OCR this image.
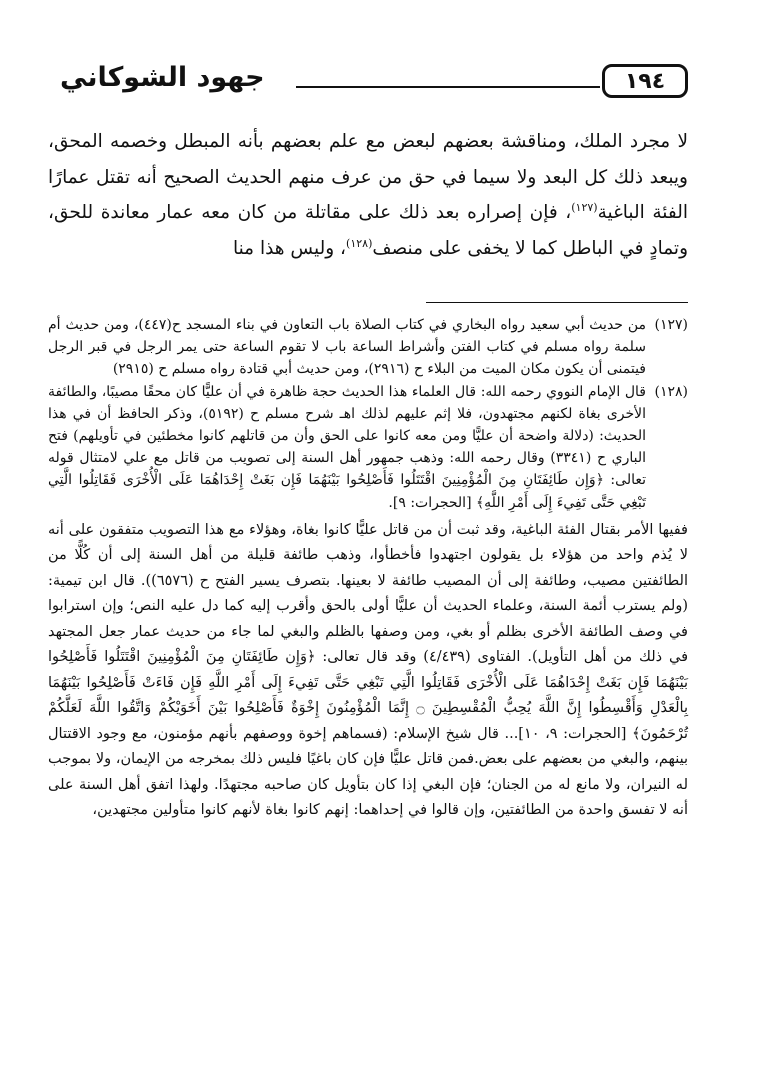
١٩٤
جهود الشوكاني

لا مجرد الملك، ومناقشة بعضهم لبعض مع علم بعضهم بأنه المبطل وخصمه المحق، ويبعد ذلك كل البعد ولا سيما في حق من عرف منهم الحديث الصحيح أنه تقتل عمارًا الفئة الباغية$^{(١٢٧)}$، فإن إصراره بعد ذلك على مقاتلة من كان معه عمار معاندة للحق، وتمادٍ في الباطل كما لا يخفى على منصف$^{(١٢٨)}$، وليس هذا منا

(١٢٧)

من حديث أبي سعيد رواه البخاري في كتاب الصلاة باب التعاون في بناء المسجد ح(٤٤٧)، ومن حديث أم سلمة رواه مسلم في كتاب الفتن وأشراط الساعة باب لا تقوم الساعة حتى يمر الرجل في قبر الرجل فيتمنى أن يكون مكان الميت من البلاء ح (٢٩١٦)، ومن حديث أبي قتادة رواه مسلم ح (٢٩١٥)

(١٢٨)

قال الإمام النووي رحمه الله: قال العلماء هذا الحديث حجة ظاهرة في أن عليًّا كان محقًا مصيبًا، والطائفة الأخرى بغاة لكنهم مجتهدون، فلا إثم عليهم لذلك اهـ شرح مسلم ح (٥١٩٢)، وذكر الحافظ أن في هذا الحديث: (دلالة واضحة أن عليًّا ومن معه كانوا على الحق وأن من قاتلهم كانوا مخطئين في تأويلهم) فتح الباري ح (٣٣٤١) وقال رحمه الله: وذهب جمهور أهل السنة إلى تصويب من قاتل مع علي لامتثال قوله تعالى: ﴿وَإِن طَائِفَتَانِ مِنَ الْمُؤْمِنِينَ اقْتَتَلُوا فَأَصْلِحُوا بَيْنَهُمَا فَإِن بَغَتْ إِحْدَاهُمَا عَلَى الْأُخْرَى فَقَاتِلُوا الَّتِي تَبْغِي حَتَّى تَفِيءَ إِلَى أَمْرِ اللَّهِ﴾ [الحجرات: ٩].

ففيها الأمر بقتال الفئة الباغية، وقد ثبت أن من قاتل عليًّا كانوا بغاة، وهؤلاء مع هذا التصويب متفقون على أنه لا يُذم واحد من هؤلاء بل يقولون اجتهدوا فأخطأوا، وذهب طائفة قليلة من أهل السنة إلى أن كُلًّا من الطائفتين مصيب، وطائفة إلى أن المصيب طائفة لا بعينها. بتصرف يسير الفتح ح (٦٥٧٦)). قال ابن تيمية: (ولم يسترب أئمة السنة، وعلماء الحديث أن عليًّا أولى بالحق وأقرب إليه كما دل عليه النص؛ وإن استرابوا في وصف الطائفة الأخرى بظلم أو بغي، ومن وصفها بالظلم والبغي لما جاء من حديث عمار جعل المجتهد في ذلك من أهل التأويل). الفتاوى (٤/٤٣٩) وقد قال تعالى: ﴿وَإِن طَائِفَتَانِ مِنَ الْمُؤْمِنِينَ اقْتَتَلُوا فَأَصْلِحُوا بَيْنَهُمَا فَإِن بَغَتْ إِحْدَاهُمَا عَلَى الْأُخْرَى فَقَاتِلُوا الَّتِي تَبْغِي حَتَّى تَفِيءَ إِلَى أَمْرِ اللَّهِ فَإِن فَاءَتْ فَأَصْلِحُوا بَيْنَهُمَا بِالْعَدْلِ وَأَقْسِطُوا إِنَّ اللَّهَ يُحِبُّ الْمُقْسِطِينَ ۝ إِنَّمَا الْمُؤْمِنُونَ إِخْوَةٌ فَأَصْلِحُوا بَيْنَ أَخَوَيْكُمْ وَاتَّقُوا اللَّهَ لَعَلَّكُمْ تُرْحَمُونَ﴾ [الحجرات: ٩، ١٠]... قال شيخ الإسلام: (فسماهم إخوة ووصفهم بأنهم مؤمنون، مع وجود الاقتتال بينهم، والبغي من بعضهم على بعض.فمن قاتل عليًّا فإن كان باغيًا فليس ذلك بمخرجه من الإيمان، ولا بموجب له النيران، ولا مانع له من الجنان؛ فإن البغي إذا كان بتأويل كان صاحبه مجتهدًا. ولهذا اتفق أهل السنة على أنه لا تفسق واحدة من الطائفتين، وإن قالوا في إحداهما: إنهم كانوا بغاة لأنهم كانوا متأولين مجتهدين،
